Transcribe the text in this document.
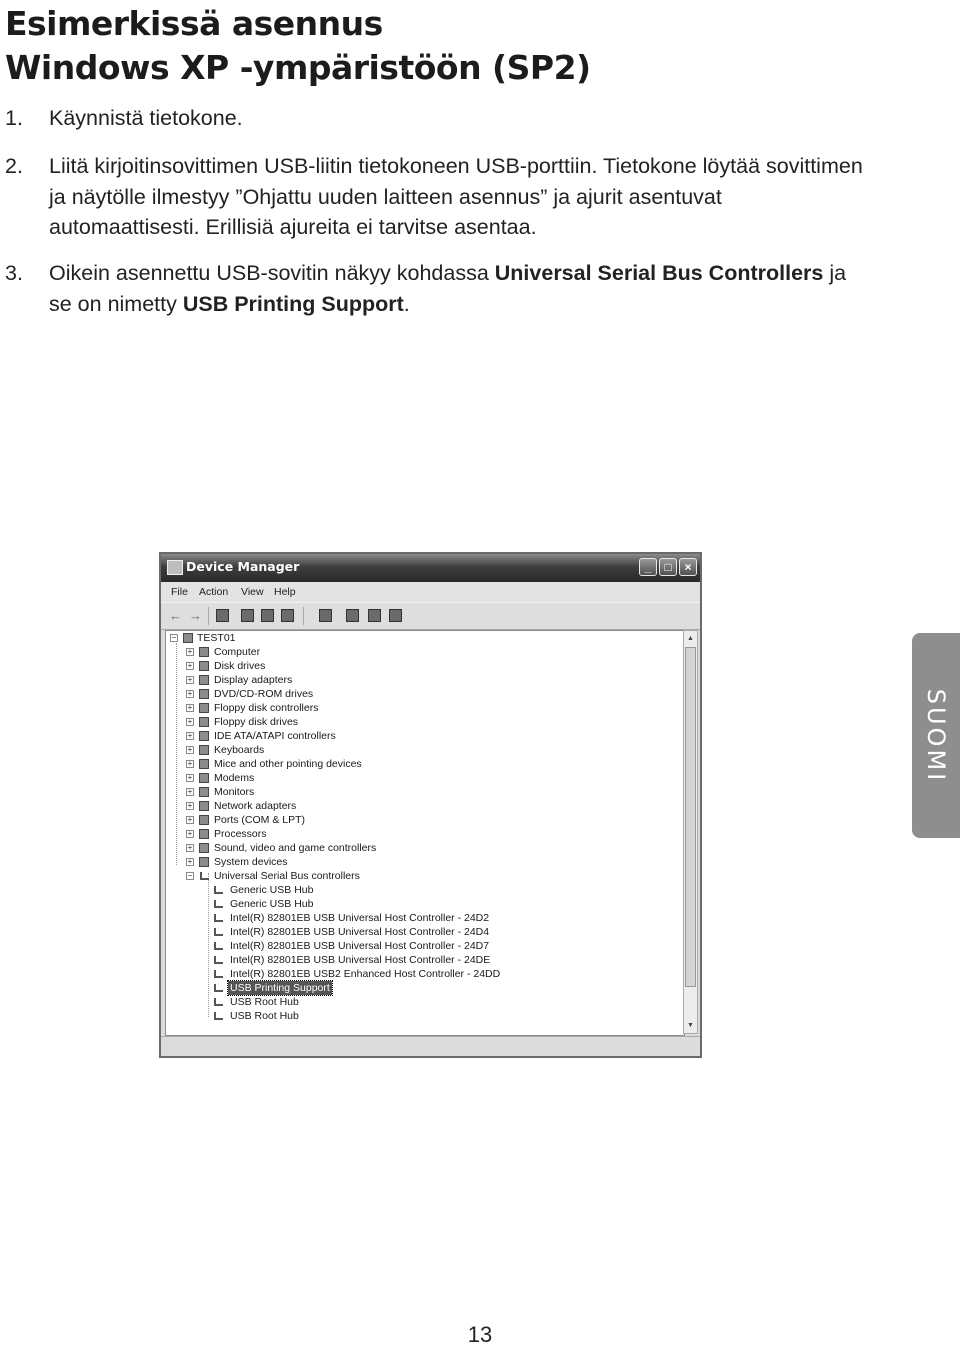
Esimerkissä asennus
Windows XP -ympäristöön (SP2)
1. Käynnistä tietokone.
2. Liitä kirjoitinsovittimen USB-liitin tietokoneen USB-porttiin. Tietokone löytää sovittimen ja näytölle ilmestyy ”Ohjattu uuden laitteen asennus” ja ajurit asentuvat automaattisesti. Erillisiä ajureita ei tarvitse asentaa.
3. Oikein asennettu USB-sovitin näkyy kohdassa Universal Serial Bus Controllers ja se on nimetty USB Printing Support.
Device Manager	_	□	×
File Action View Help
← →
− TEST01
+ Computer
+ Disk drives
+ Display adapters
+ DVD/CD-ROM drives
+ Floppy disk controllers
+ Floppy disk drives
+ IDE ATA/ATAPI controllers
+ Keyboards
+ Mice and other pointing devices
+ Modems
+ Monitors
+ Network adapters
+ Ports (COM & LPT)
+ Processors
+ Sound, video and game controllers
+ System devices
− Universal Serial Bus controllers
Generic USB Hub
Generic USB Hub
Intel(R) 82801EB USB Universal Host Controller - 24D2
Intel(R) 82801EB USB Universal Host Controller - 24D4
Intel(R) 82801EB USB Universal Host Controller - 24D7
Intel(R) 82801EB USB Universal Host Controller - 24DE
Intel(R) 82801EB USB2 Enhanced Host Controller - 24DD
USB Printing Support
USB Root Hub
USB Root Hub
▲
▼
SUOMI
13
